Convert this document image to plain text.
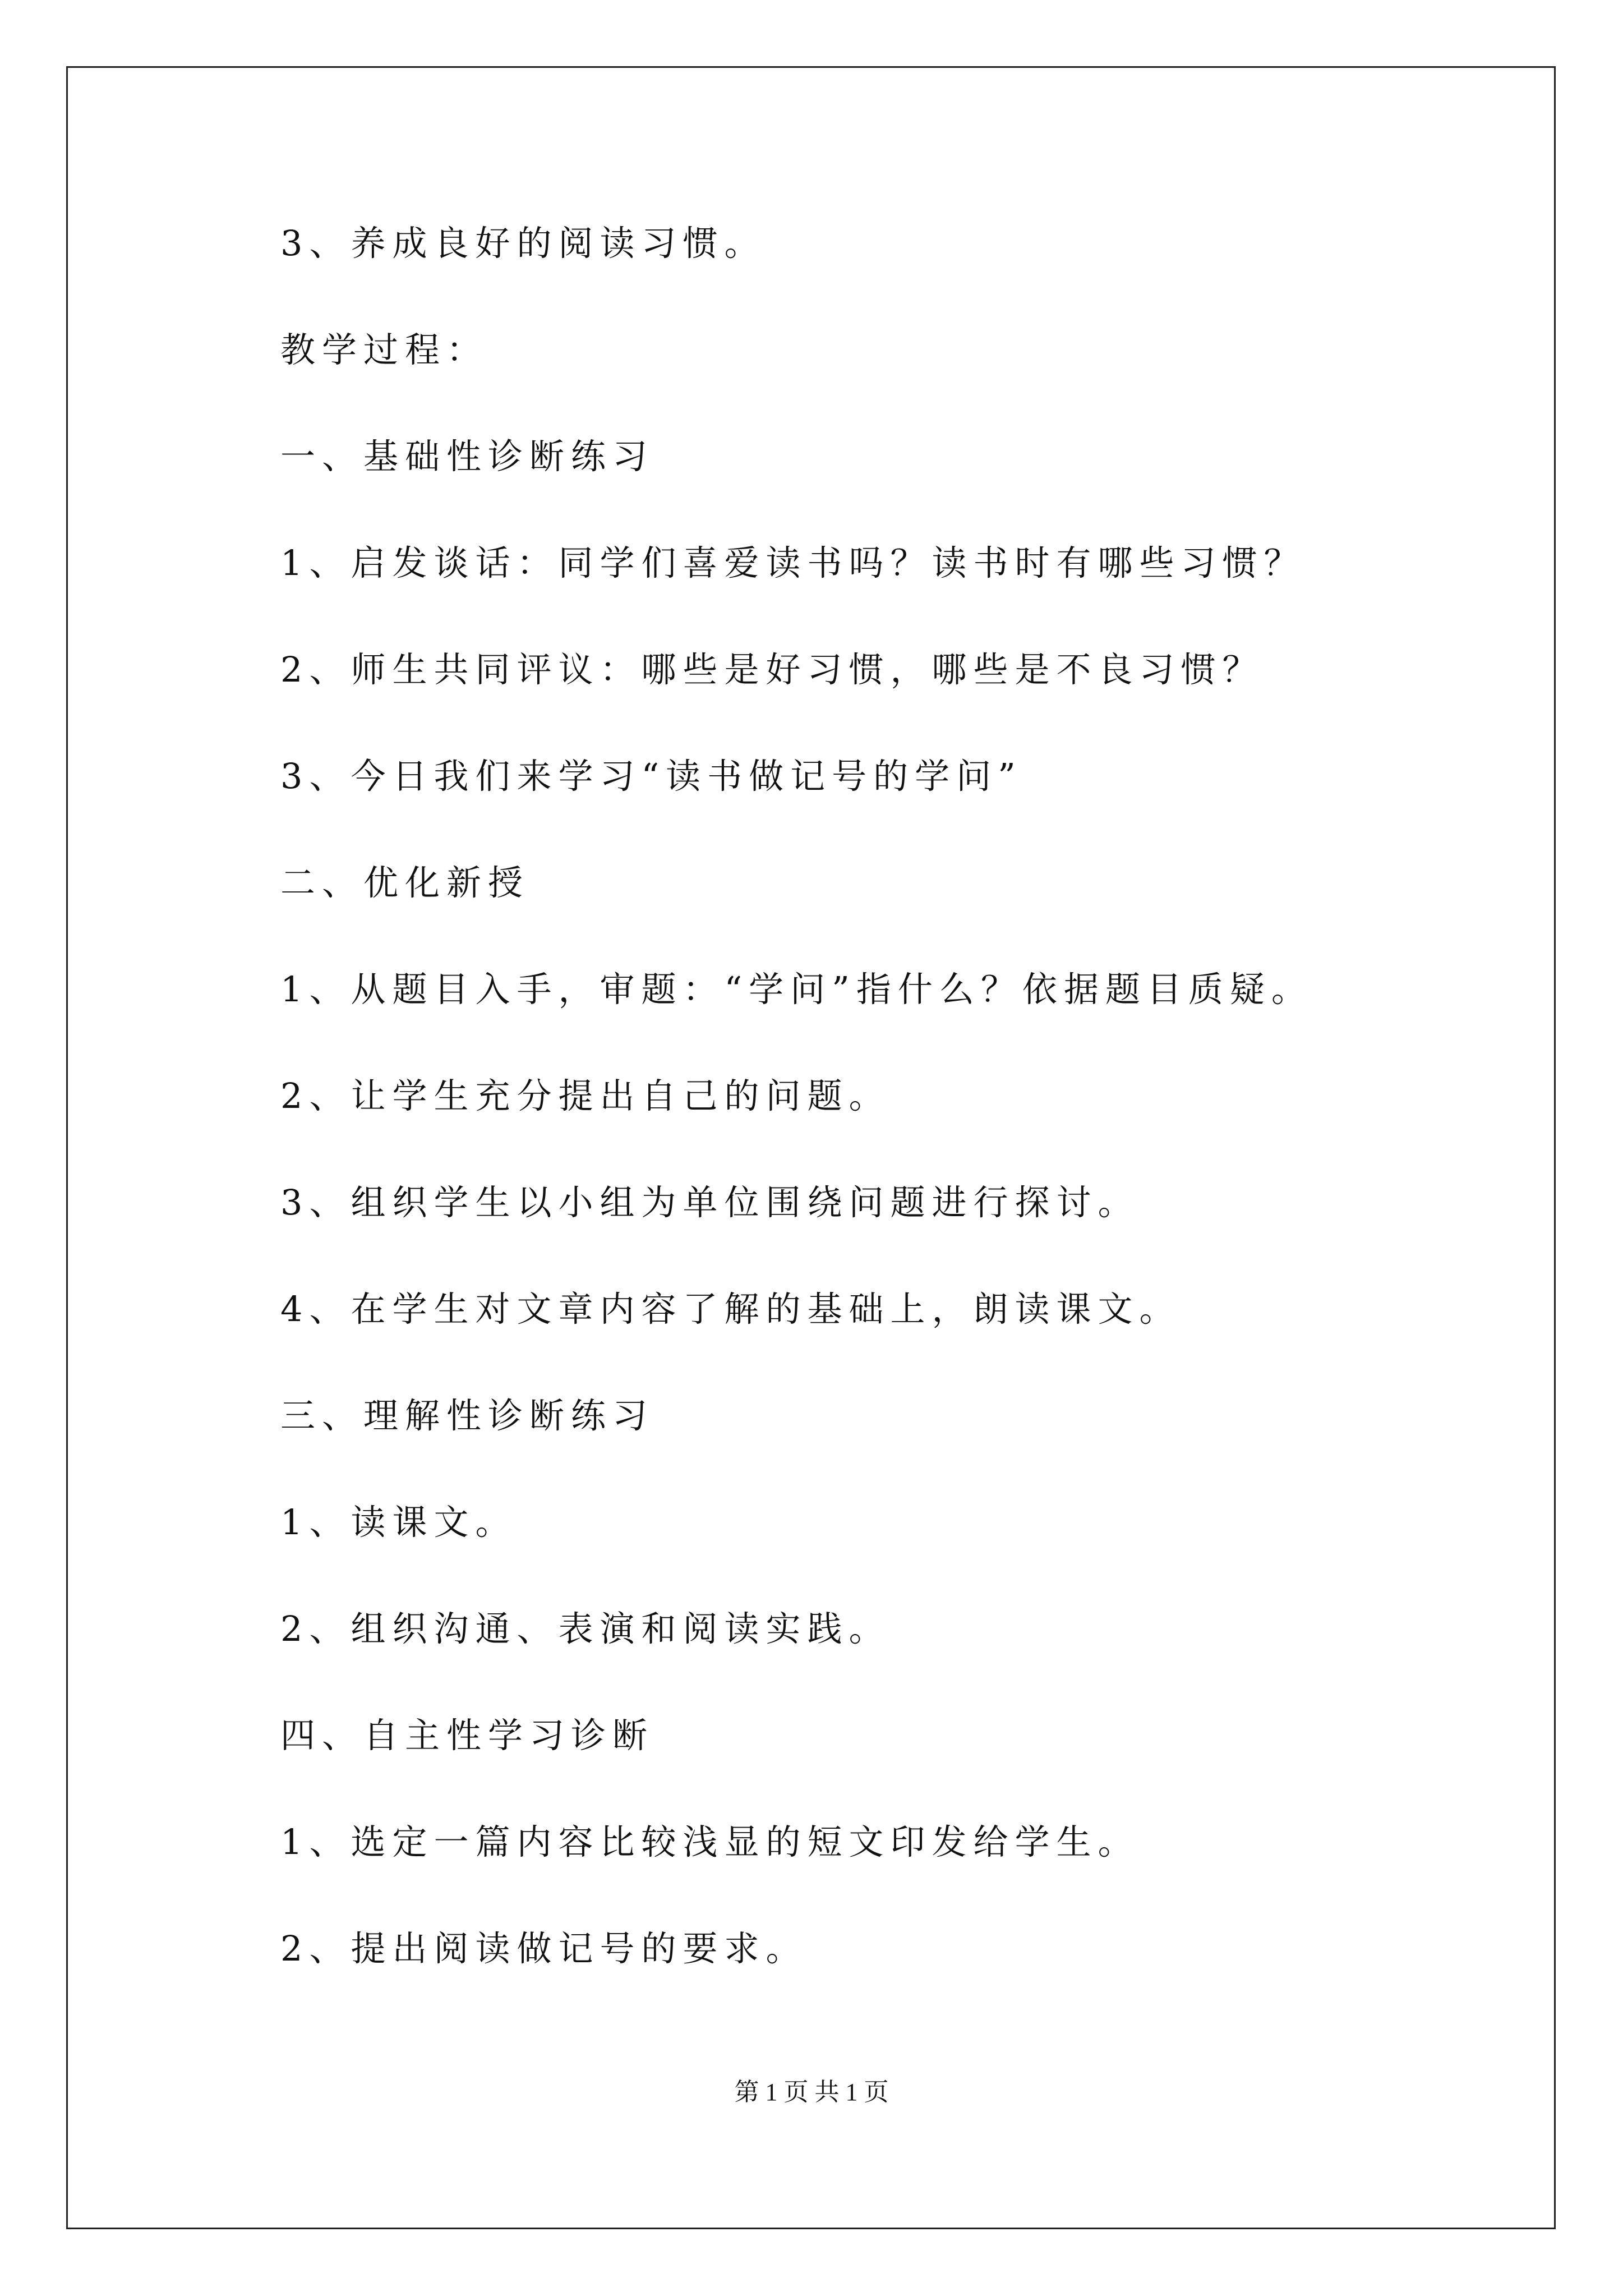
3、养成良好的阅读习惯。
教学过程：
一、基础性诊断练习
1、启发谈话：同学们喜爱读书吗？读书时有哪些习惯？
2、师生共同评议：哪些是好习惯，哪些是不良习惯？
3、今日我们来学习“读书做记号的学问”
二、优化新授
1、从题目入手，审题：“学问”指什么？依据题目质疑。
2、让学生充分提出自己的问题。
3、组织学生以小组为单位围绕问题进行探讨。
4、在学生对文章内容了解的基础上，朗读课文。
三、理解性诊断练习
1、读课文。
2、组织沟通、表演和阅读实践。
四、自主性学习诊断
1、选定一篇内容比较浅显的短文印发给学生。
2、提出阅读做记号的要求。
第 1 页 共 1 页
